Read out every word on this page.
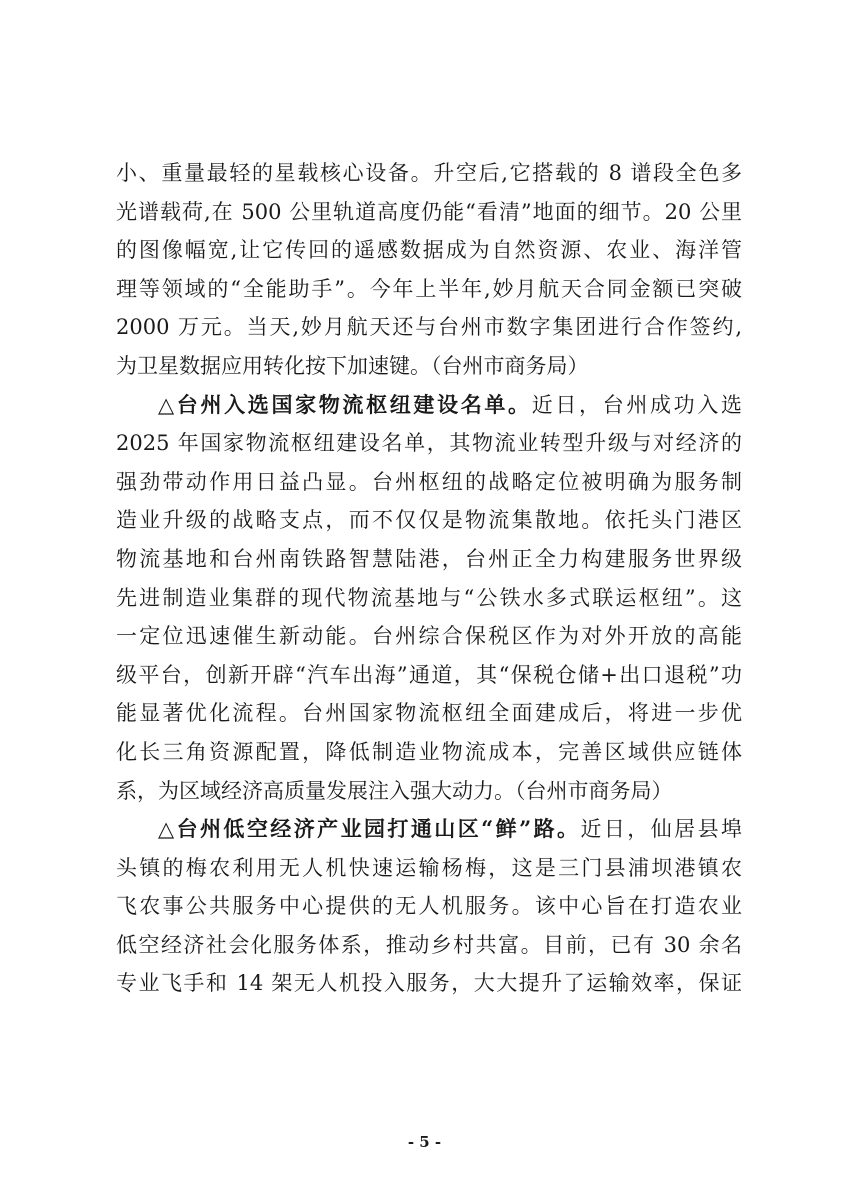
小、重量最轻的星载核心设备。升空后,它搭载的 8 谱段全色多
光谱载荷,在 500 公里轨道高度仍能“看清”地面的细节。20 公里
的图像幅宽,让它传回的遥感数据成为自然资源、农业、海洋管
理等领域的“全能助手”。今年上半年,妙月航天合同金额已突破
2000 万元。当天,妙月航天还与台州市数字集团进行合作签约,
为卫星数据应用转化按下加速键。（台州市商务局）
△台州入选国家物流枢纽建设名单。近日，台州成功入选
2025 年国家物流枢纽建设名单，其物流业转型升级与对经济的
强劲带动作用日益凸显。台州枢纽的战略定位被明确为服务制
造业升级的战略支点，而不仅仅是物流集散地。依托头门港区
物流基地和台州南铁路智慧陆港，台州正全力构建服务世界级
先进制造业集群的现代物流基地与“公铁水多式联运枢纽”。这
一定位迅速催生新动能。台州综合保税区作为对外开放的高能
级平台，创新开辟“汽车出海”通道，其“保税仓储+出口退税”功
能显著优化流程。台州国家物流枢纽全面建成后，将进一步优
化长三角资源配置，降低制造业物流成本，完善区域供应链体
系，为区域经济高质量发展注入强大动力。（台州市商务局）
△台州低空经济产业园打通山区“鲜”路。近日，仙居县埠
头镇的梅农利用无人机快速运输杨梅，这是三门县浦坝港镇农
飞农事公共服务中心提供的无人机服务。该中心旨在打造农业
低空经济社会化服务体系，推动乡村共富。目前，已有 30 余名
专业飞手和 14 架无人机投入服务，大大提升了运输效率，保证
- 5 -
